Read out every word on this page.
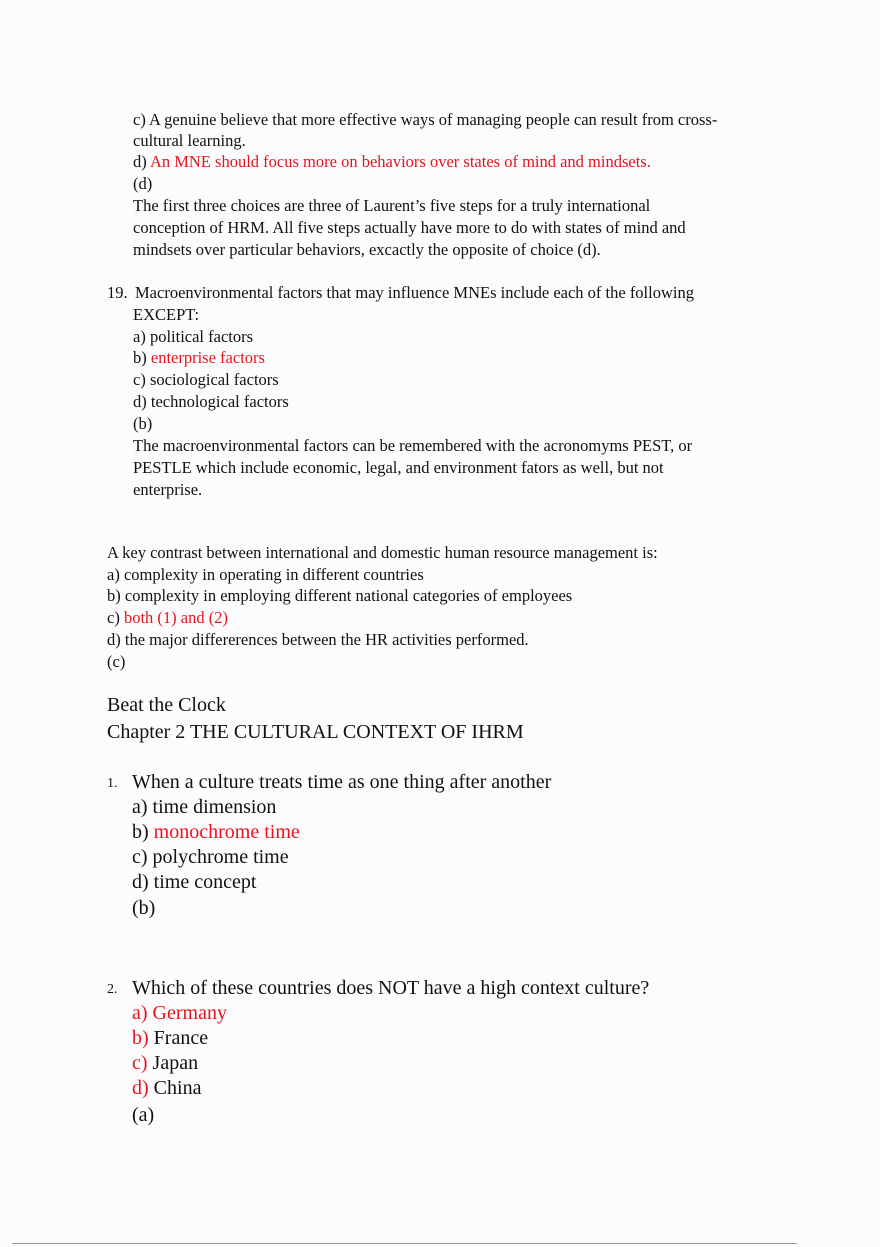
c) A genuine believe that more effective ways of managing people can result from cross-
cultural learning.
d) An MNE should focus more on behaviors over states of mind and mindsets.
(d)
The first three choices are three of Laurent’s five steps for a truly international
conception of HRM. All five steps actually have more to do with states of mind and
mindsets over particular behaviors, excactly the opposite of choice (d).
19. Macroenvironmental factors that may influence MNEs include each of the following
EXCEPT:
a) political factors
b) enterprise factors
c) sociological factors
d) technological factors
(b)
The macroenvironmental factors can be remembered with the acronomyms PEST, or
PESTLE which include economic, legal, and environment fators as well, but not
enterprise.
A key contrast between international and domestic human resource management is:
a) complexity in operating in different countries
b) complexity in employing different national categories of employees
c) both (1) and (2)
d) the major differerences between the HR activities performed.
(c)
Beat the Clock
Chapter 2 THE CULTURAL CONTEXT OF IHRM
1. When a culture treats time as one thing after another
a) time dimension
b) monochrome time
c) polychrome time
d) time concept
(b)
2. Which of these countries does NOT have a high context culture?
a) Germany
b) France
c) Japan
d) China
(a)
